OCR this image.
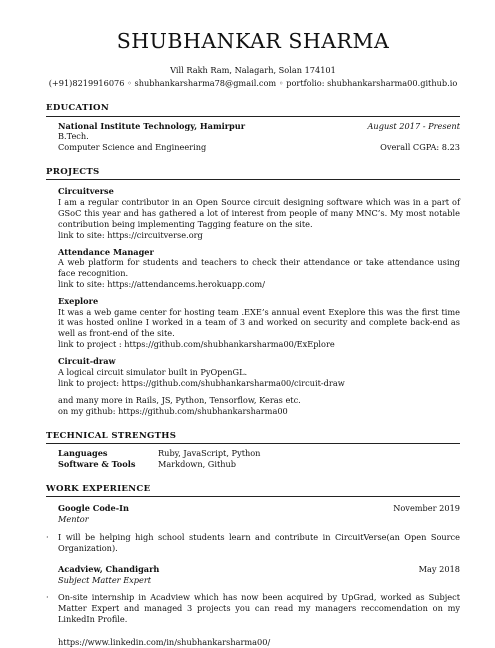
SHUBHANKAR SHARMA
Vill Rakh Ram, Nalagarh, Solan 174101
(+91)8219916076 ◦ shubhankarsharma78@gmail.com ◦ portfolio: shubhankarsharma00.github.io
EDUCATION
National Institute Technology, Hamirpur	August 2017 - Present
B.Tech.
Computer Science and Engineering	Overall CGPA: 8.23
PROJECTS
Circuitverse
I am a regular contributor in an Open Source circuit designing software which was in a part of GSoC this year and has gathered a lot of interest from people of many MNC’s. My most notable contribution being implementing Tagging feature on the site.
link to site: https://circuitverse.org
Attendance Manager
A web platform for students and teachers to check their attendance or take attendance using face recognition.
link to site: https://attendancems.herokuapp.com/
Exeplore
It was a web game center for hosting team .EXE’s annual event Exeplore this was the first time it was hosted online I worked in a team of 3 and worked on security and complete back-end as well as front-end of the site.
link to project : https://github.com/shubhankarsharma00/ExEplore
Circuit-draw
A logical circuit simulator built in PyOpenGL.
link to project: https://github.com/shubhankarsharma00/circuit-draw
and many more in Rails, JS, Python, Tensorflow, Keras etc.
on my github: https://github.com/shubhankarsharma00
TECHNICAL STRENGTHS
Languages	Ruby, JavaScript, Python
Software & Tools	Markdown, Github
WORK EXPERIENCE
Google Code-In	November 2019
Mentor
·	I will be helping high school students learn and contribute in CircuitVerse(an Open Source Organization).
Acadview, Chandigarh	May 2018
Subject Matter Expert
·	On-site internship in Acadview which has now been acquired by UpGrad, worked as Subject Matter Expert and managed 3 projects you can read my managers reccomendation on my LinkedIn Profile.
https://www.linkedin.com/in/shubhankarsharma00/
